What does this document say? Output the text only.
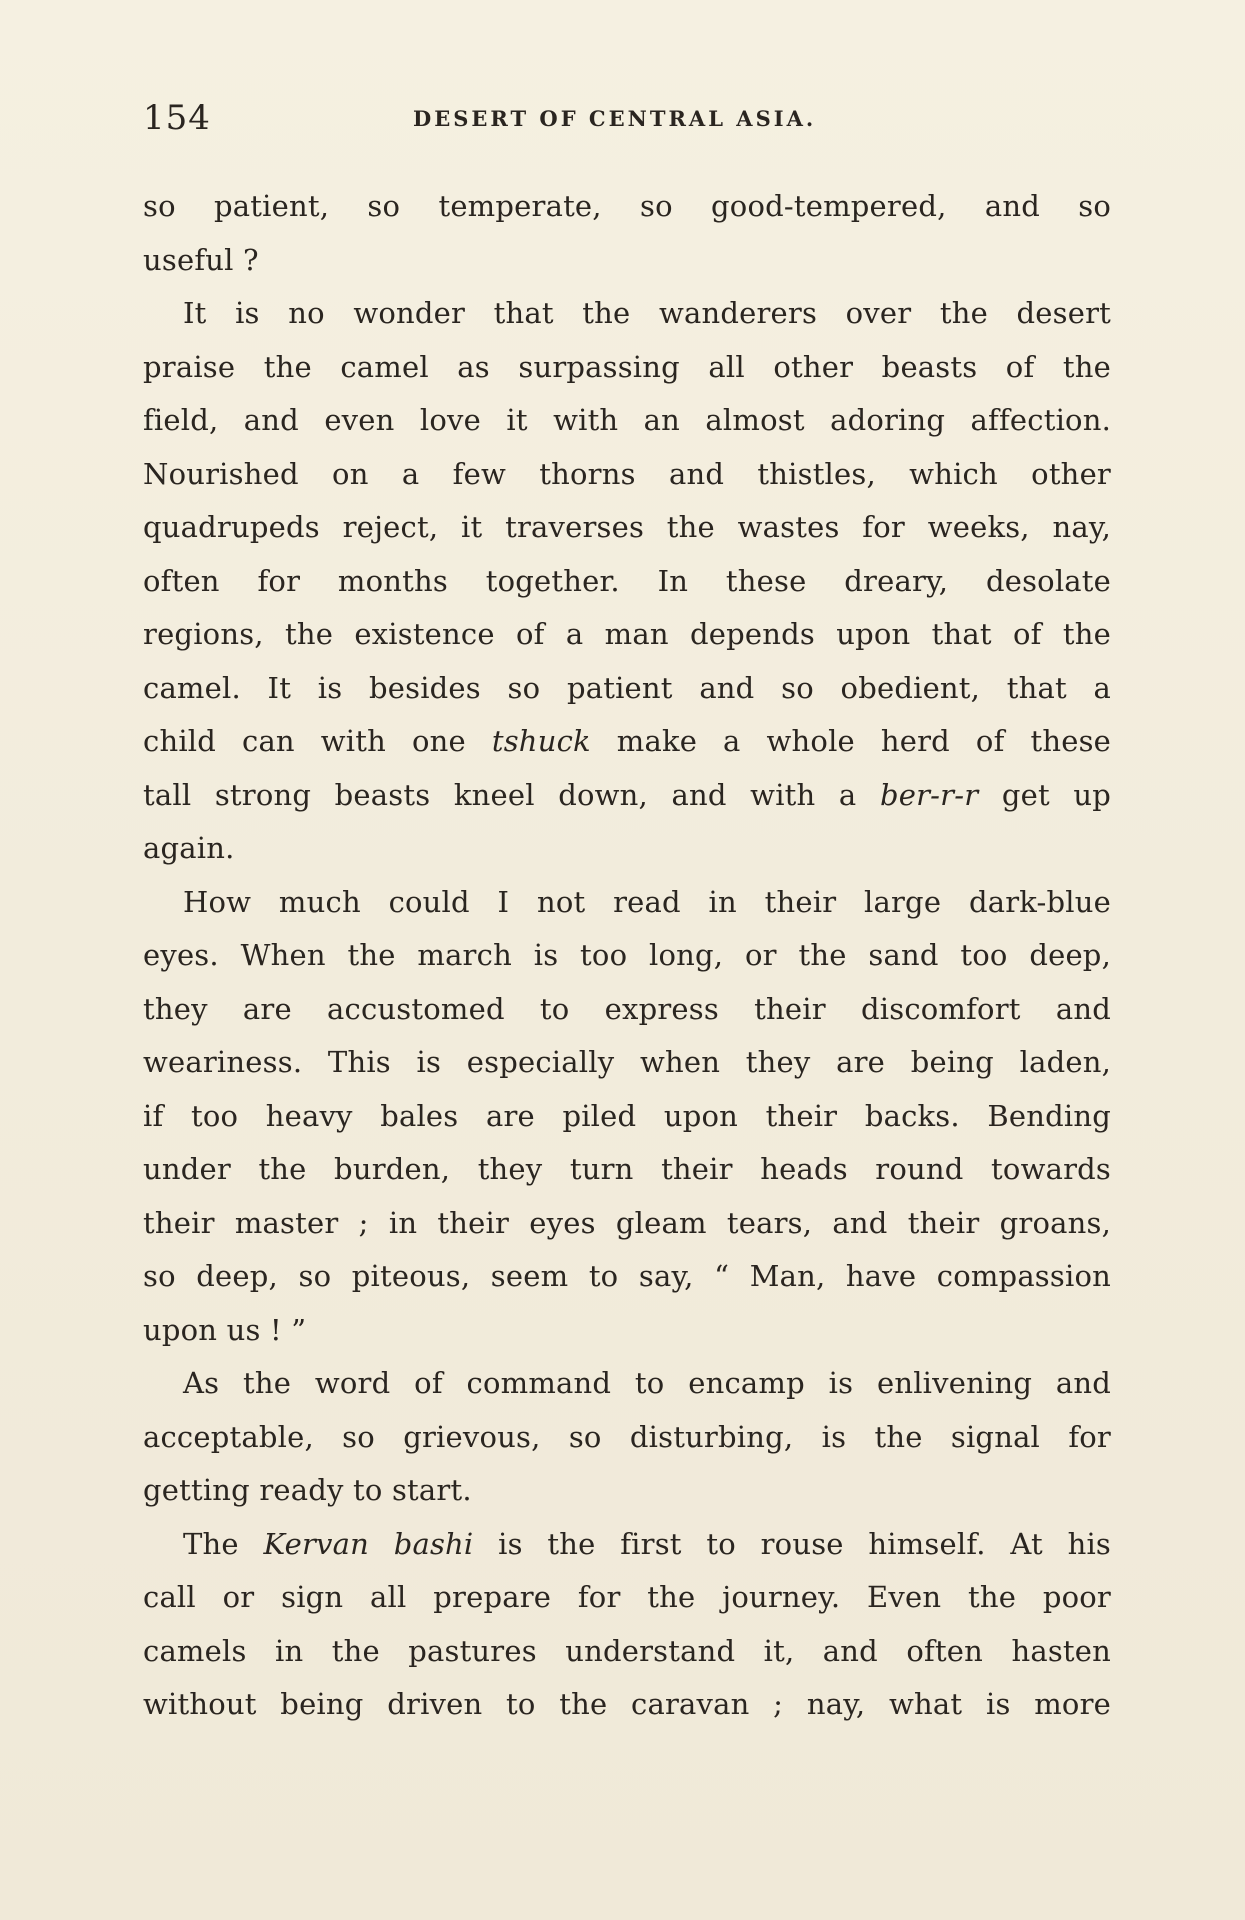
154	DESERT OF CENTRAL ASIA.
so patient, so temperate, so good-tempered, and so
useful ?
It is no wonder that the wanderers over the desert
praise the camel as surpassing all other beasts of the
field, and even love it with an almost adoring affection.
Nourished on a few thorns and thistles, which other
quadrupeds reject, it traverses the wastes for weeks, nay,
often for months together. In these dreary, desolate
regions, the existence of a man depends upon that of the
camel. It is besides so patient and so obedient, that a
child can with one tshuck make a whole herd of these
tall strong beasts kneel down, and with a ber-r-r get up
again.
How much could I not read in their large dark-blue
eyes. When the march is too long, or the sand too deep,
they are accustomed to express their discomfort and
weariness. This is especially when they are being laden,
if too heavy bales are piled upon their backs. Bending
under the burden, they turn their heads round towards
their master ; in their eyes gleam tears, and their groans,
so deep, so piteous, seem to say, “ Man, have compassion
upon us ! ”
As the word of command to encamp is enlivening and
acceptable, so grievous, so disturbing, is the signal for
getting ready to start.
The Kervan bashi is the first to rouse himself. At his
call or sign all prepare for the journey. Even the poor
camels in the pastures understand it, and often hasten
without being driven to the caravan ; nay, what is more
